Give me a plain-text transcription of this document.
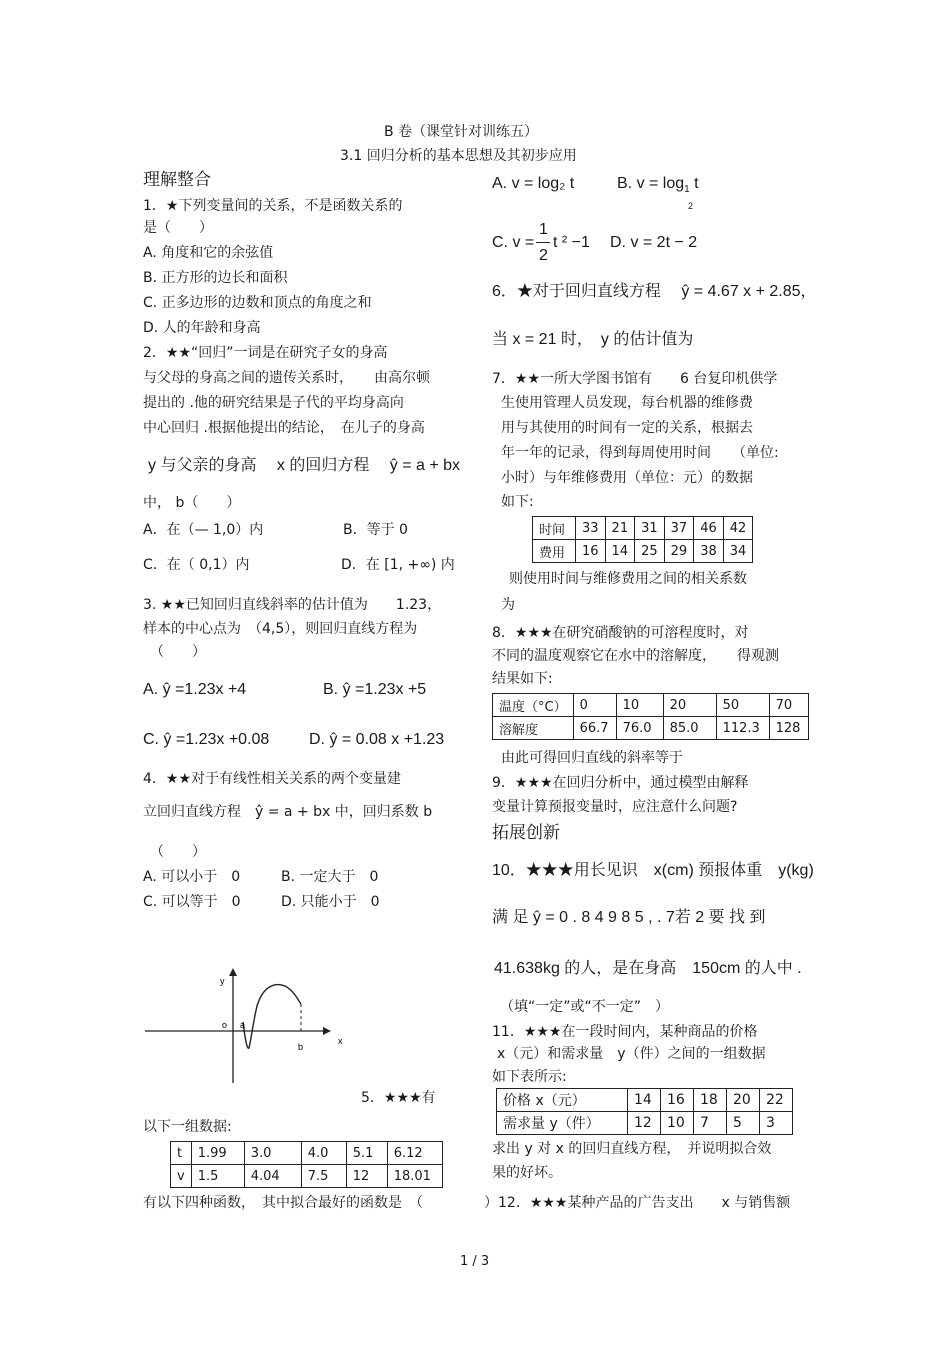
B 卷（课堂针对训练五）
3.1 回归分析的基本思想及其初步应用
理解整合
1．★下列变量间的关系，不是函数关系的
是（　　）
A. 角度和它的余弦值
B. 正方形的边长和面积
C. 正多边形的边数和顶点的角度之和
D. 人的年龄和身高
2．★★“回归”一词是在研究子女的身高
与父母的身高之间的遗传关系时，　　由高尔顿
提出的 .他的研究结果是子代的平均身高向
中心回归 .根据他提出的结论，　在儿子的身高
y 与父亲的身高　 x 的回归方程　 ŷ = a + bx
中， b（　　）
A．在（— 1,0）内	B．等于 0
C．在（ 0,1）内	D．在 [1, +∞) 内
3. ★★已知回归直线斜率的估计值为　　1.23，
样本的中心点为　（4,5），则回归直线方程为
（　　）
A. ŷ =1.23x +4	B. ŷ =1.23x +5
C. ŷ =1.23x +0.08 D. ŷ = 0.08 x +1.23
4．★★对于有线性相关关系的两个变量建
立回归直线方程　ŷ = a + bx 中，回归系数 b
（　　）
A. 可以小于　0	B. 一定大于　0
C. 可以等于　0	D. 只能小于　0
y
o a
b
x
5．★★★有
以下一组数据:
t	1.99	3.0	4.0	5.1	6.12
v	1.5	4.04	7.5	12	18.01
有以下四种函数，　其中拟合最好的函数是　（	）
A. v = log₂ t	B. $v = \log_1 t$
2
C. v =
1
2
t ² −1 D. v = 2t − 2
6．★对于回归直线方程　 ŷ = 4.67 x + 2.85，
当 x = 21 时，　y 的估计值为
7．★★一所大学图书馆有　　6 台复印机供学
生使用管理人员发现，每台机器的维修费
用与其使用的时间有一定的关系，根据去
年一年的记录，得到每周使用时间　　（单位:
小时）与年维修费用（单位：元）的数据
如下:
时间	33	21	31	37	46	42
费用	16	14	25	29	38	34
则使用时间与维修费用之间的相关系数
为
8．★★★在研究硝酸钠的可溶程度时，对
不同的温度观察它在水中的溶解度，　　得观测
结果如下:
温度（°C）	0	10	20	50	70
溶解度	66.7	76.0	85.0	112.3	128
由此可得回归直线的斜率等于
9．★★★在回归分析中，通过模型由解释
变量计算预报变量时，应注意什么问题?
拓展创新
10．★★★用长见识　x(cm) 预报体重　y(kg)
满 足 ŷ = 0 . 8 4 9 8 5 , . 7若 2 要 找 到
41.638kg 的人，是在身高　150cm 的人中 .
（填“一定”或“不一定”　）
11．★★★在一段时间内，某种商品的价格
x（元）和需求量　y（件）之间的一组数据
如下表所示:
价格 x（元）	14	16	18	20	22
需求量 y（件）	12	10	7	5	3
求出 y 对 x 的回归直线方程，　并说明拟合效
果的好坏。
12．★★★某种产品的广告支出　　x 与销售额
1 / 3
